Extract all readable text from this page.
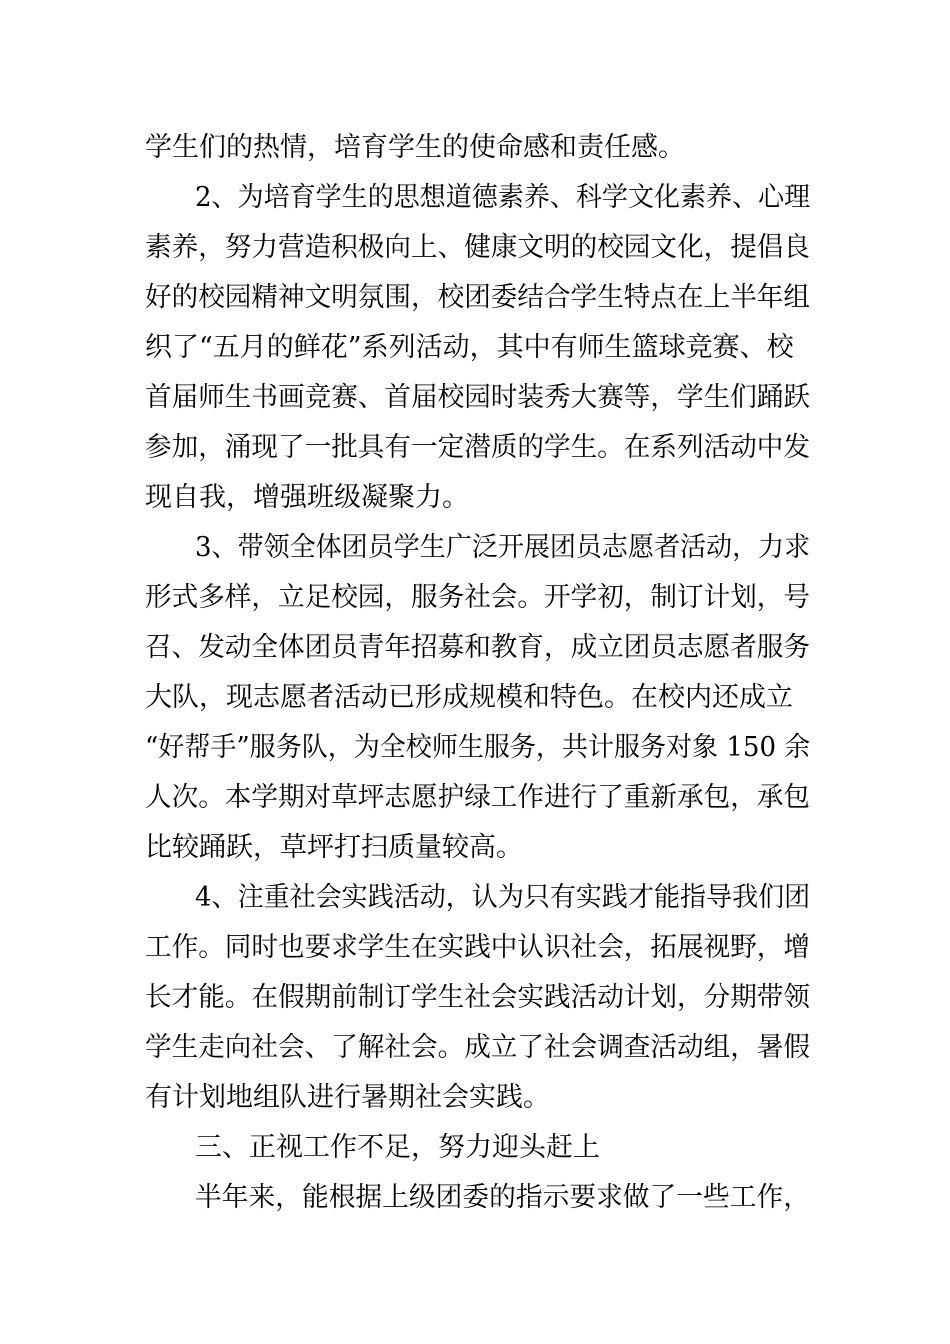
学生们的热情，培育学生的使命感和责任感。
2、为培育学生的思想道德素养、科学文化素养、心理
素养，努力营造积极向上、健康文明的校园文化，提倡良
好的校园精神文明氛围，校团委结合学生特点在上半年组
织了“五月的鲜花”系列活动，其中有师生篮球竞赛、校
首届师生书画竞赛、首届校园时装秀大赛等，学生们踊跃
参加，涌现了一批具有一定潜质的学生。在系列活动中发
现自我，增强班级凝聚力。
3、带领全体团员学生广泛开展团员志愿者活动，力求
形式多样，立足校园，服务社会。开学初，制订计划，号
召、发动全体团员青年招募和教育，成立团员志愿者服务
大队，现志愿者活动已形成规模和特色。在校内还成立
“好帮手”服务队，为全校师生服务，共计服务对象 150 余
人次。本学期对草坪志愿护绿工作进行了重新承包，承包
比较踊跃，草坪打扫质量较高。
4、注重社会实践活动，认为只有实践才能指导我们团
工作。同时也要求学生在实践中认识社会，拓展视野，增
长才能。在假期前制订学生社会实践活动计划，分期带领
学生走向社会、了解社会。成立了社会调查活动组，暑假
有计划地组队进行暑期社会实践。
三、正视工作不足，努力迎头赶上
半年来，能根据上级团委的指示要求做了一些工作，
